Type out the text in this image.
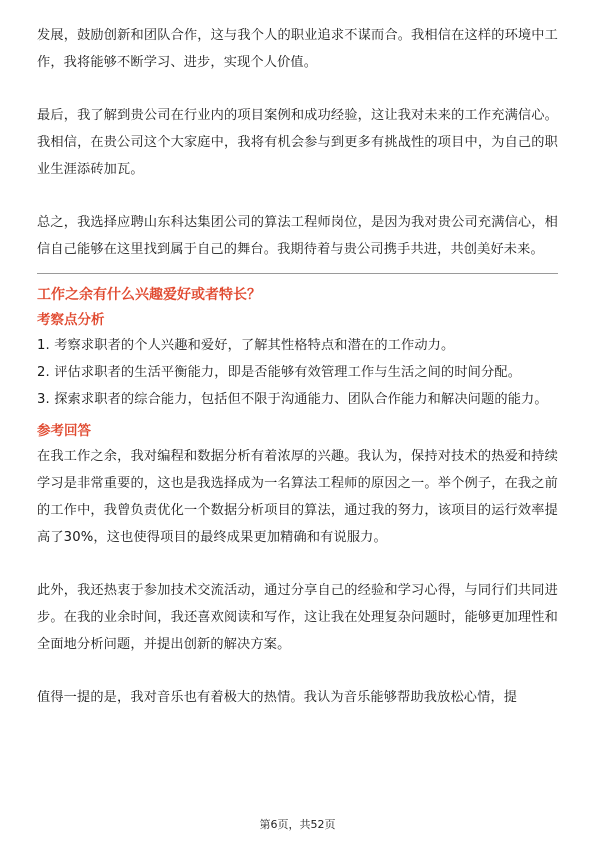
发展，鼓励创新和团队合作，这与我个人的职业追求不谋而合。我相信在这样的环境中工作，我将能够不断学习、进步，实现个人价值。

最后，我了解到贵公司在行业内的项目案例和成功经验，这让我对未来的工作充满信心。我相信，在贵公司这个大家庭中，我将有机会参与到更多有挑战性的项目中，为自己的职业生涯添砖加瓦。

总之，我选择应聘山东科达集团公司的算法工程师岗位，是因为我对贵公司充满信心，相信自己能够在这里找到属于自己的舞台。我期待着与贵公司携手共进，共创美好未来。

工作之余有什么兴趣爱好或者特长？

考察点分析

1. 考察求职者的个人兴趣和爱好，了解其性格特点和潜在的工作动力。

2. 评估求职者的生活平衡能力，即是否能够有效管理工作与生活之间的时间分配。

3. 探索求职者的综合能力，包括但不限于沟通能力、团队合作能力和解决问题的能力。

参考回答

在我工作之余，我对编程和数据分析有着浓厚的兴趣。我认为，保持对技术的热爱和持续学习是非常重要的，这也是我选择成为一名算法工程师的原因之一。举个例子，在我之前的工作中，我曾负责优化一个数据分析项目的算法，通过我的努力，该项目的运行效率提高了30%，这也使得项目的最终成果更加精确和有说服力。

此外，我还热衷于参加技术交流活动，通过分享自己的经验和学习心得，与同行们共同进步。在我的业余时间，我还喜欢阅读和写作，这让我在处理复杂问题时，能够更加理性和全面地分析问题，并提出创新的解决方案。

值得一提的是，我对音乐也有着极大的热情。我认为音乐能够帮助我放松心情，提

第6页，共52页
